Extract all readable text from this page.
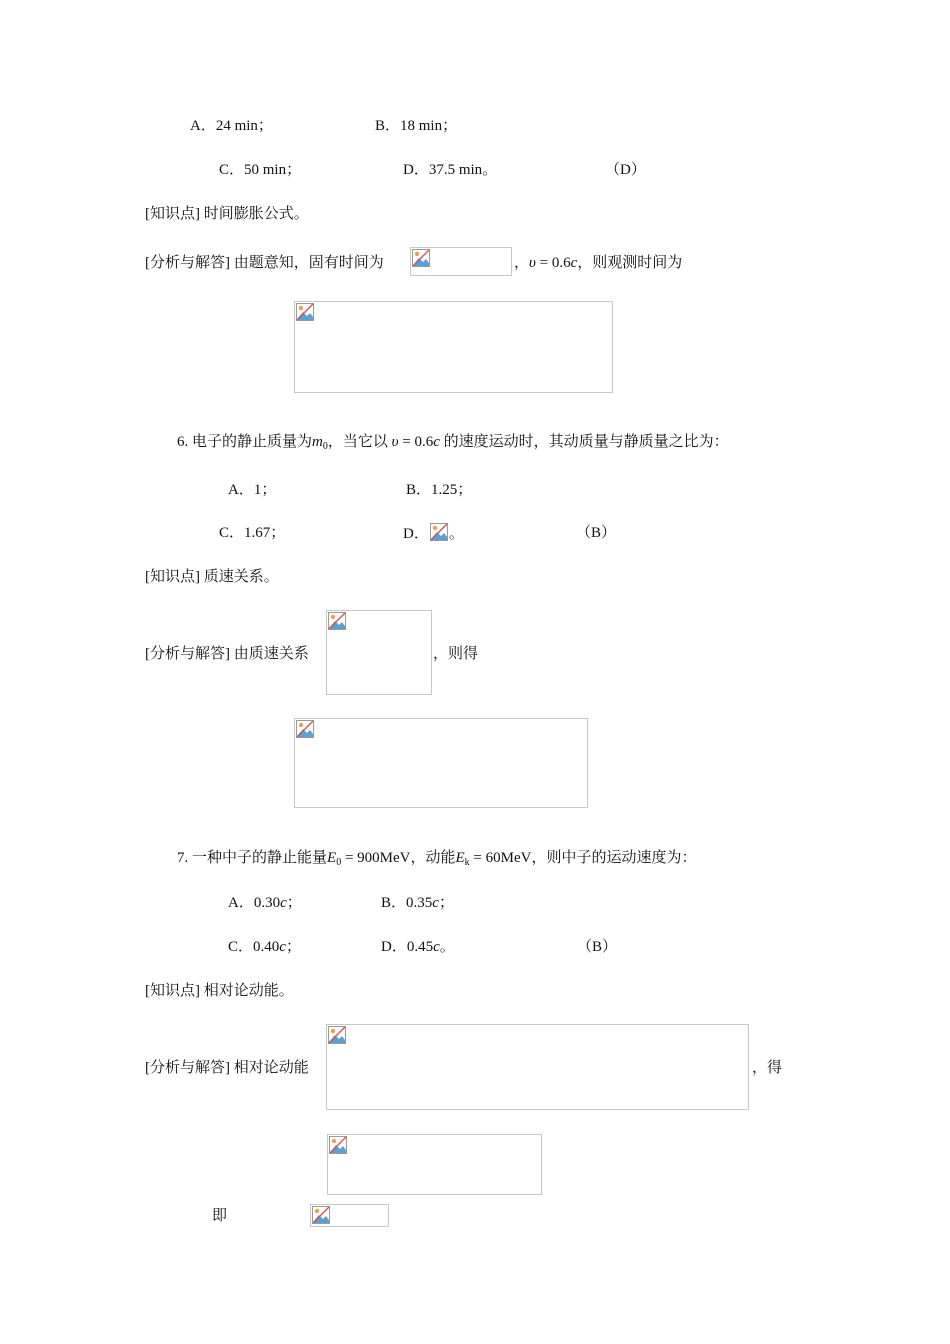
A．24 min；	B．18 min；
C．50 min；	D．37.5 min。	（D）
[知识点] 时间膨胀公式。
[分析与解答] 由题意知，固有时间为	，υ = 0.6c，则观测时间为
6. 电子的静止质量为$m_0$，当它以 υ = 0.6c 的速度运动时，其动质量与静质量之比为：
A．1；	B．1.25；
C．1.67；	D． 。	（B）
[知识点] 质速关系。
[分析与解答] 由质速关系	，则得
7. 一种中子的静止能量$E_0 = 900MeV$，动能$E_k = 60MeV$，则中子的运动速度为：
A．0.30c；	B．0.35c；
C．0.40c；	D．0.45c。	（B）
[知识点] 相对论动能。
[分析与解答] 相对论动能	，得
即
